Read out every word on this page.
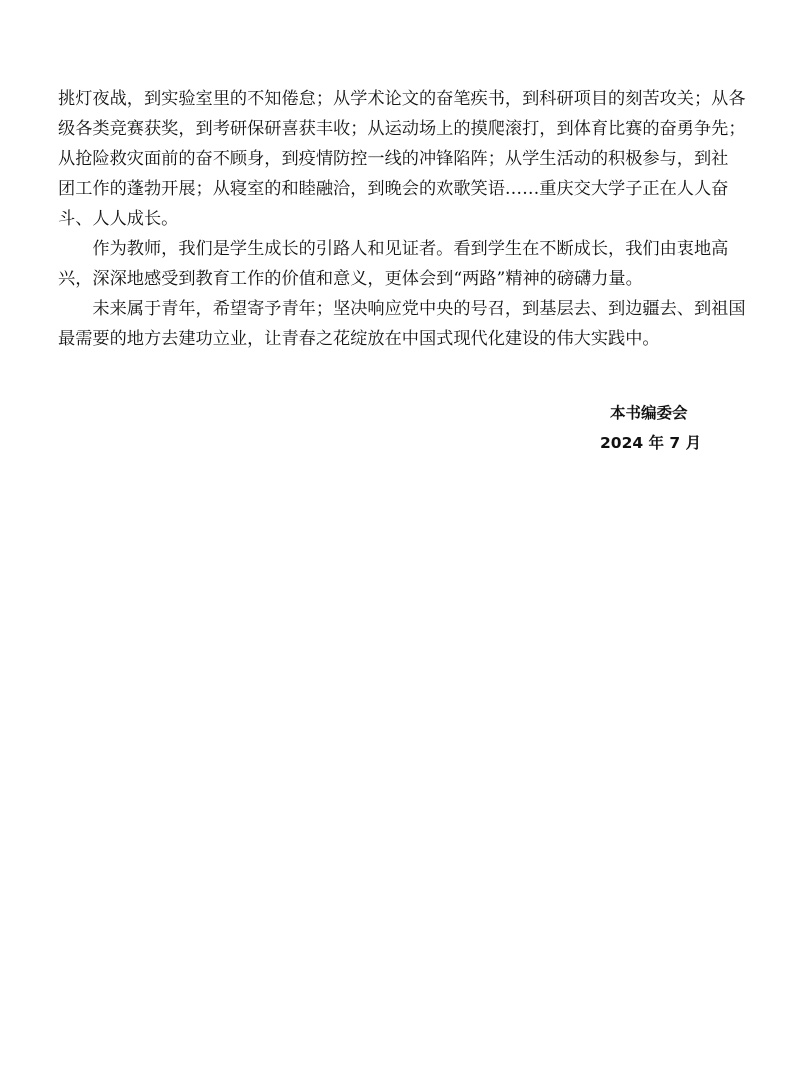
挑灯夜战，到实验室里的不知倦怠；从学术论文的奋笔疾书，到科研项目的刻苦攻关；从各
级各类竞赛获奖，到考研保研喜获丰收；从运动场上的摸爬滚打，到体育比赛的奋勇争先；
从抢险救灾面前的奋不顾身，到疫情防控一线的冲锋陷阵；从学生活动的积极参与，到社
团工作的蓬勃开展；从寝室的和睦融洽，到晚会的欢歌笑语……重庆交大学子正在人人奋
斗、人人成长。
　　作为教师，我们是学生成长的引路人和见证者。看到学生在不断成长，我们由衷地高
兴，深深地感受到教育工作的价值和意义，更体会到“两路”精神的磅礴力量。
　　未来属于青年，希望寄予青年；坚决响应党中央的号召，到基层去、到边疆去、到祖国
最需要的地方去建功立业，让青春之花绽放在中国式现代化建设的伟大实践中。
本书编委会
2024 年 7 月
